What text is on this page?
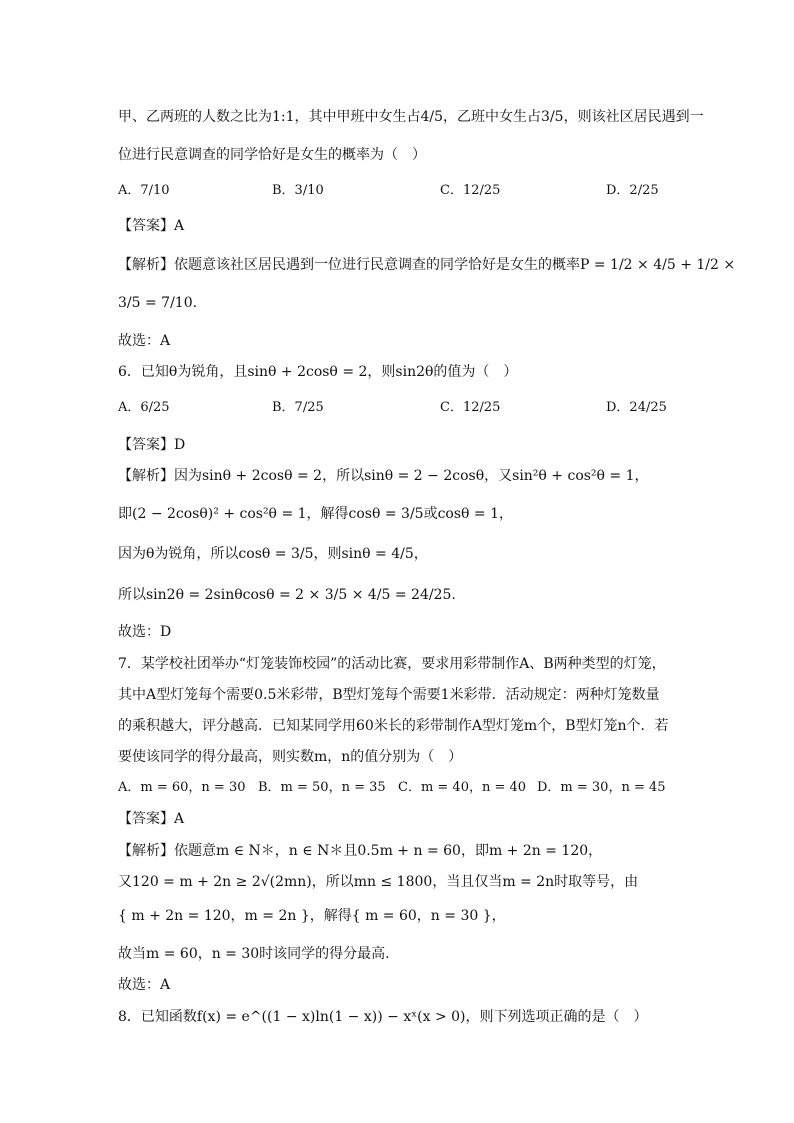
甲、乙两班的人数之比为1:1，其中甲班中女生占4/5，乙班中女生占3/5，则该社区居民遇到一
位进行民意调查的同学恰好是女生的概率为（　）
A．7/10	B．3/10	C．12/25	D．2/25
【答案】A
【解析】依题意该社区居民遇到一位进行民意调查的同学恰好是女生的概率P = 1/2 × 4/5 + 1/2 ×
3/5 = 7/10.
故选：A
6．已知θ为锐角，且sinθ + 2cosθ = 2，则sin2θ的值为（　）
A．6/25	B．7/25	C．12/25	D．24/25
【答案】D
【解析】因为sinθ + 2cosθ = 2，所以sinθ = 2 − 2cosθ，又sin²θ + cos²θ = 1，
即(2 − 2cosθ)² + cos²θ = 1，解得cosθ = 3/5或cosθ = 1，
因为θ为锐角，所以cosθ = 3/5，则sinθ = 4/5，
所以sin2θ = 2sinθcosθ = 2 × 3/5 × 4/5 = 24/25.
故选：D
7．某学校社团举办“灯笼装饰校园”的活动比赛，要求用彩带制作A、B两种类型的灯笼，
其中A型灯笼每个需要0.5米彩带，B型灯笼每个需要1米彩带．活动规定：两种灯笼数量
的乘积越大，评分越高．已知某同学用60米长的彩带制作A型灯笼m个，B型灯笼n个．若
要使该同学的得分最高，则实数m，n的值分别为（　）
A．m = 60，n = 30 B．m = 50，n = 35 C．m = 40，n = 40 D．m = 30，n = 45
【答案】A
【解析】依题意m ∈ N＊，n ∈ N＊且0.5m + n = 60，即m + 2n = 120，
又120 = m + 2n ≥ 2√(2mn)，所以mn ≤ 1800，当且仅当m = 2n时取等号，由
{ m + 2n = 120，m = 2n }，解得{ m = 60，n = 30 }，
故当m = 60，n = 30时该同学的得分最高.
故选：A
8．已知函数f(x) = e^((1 − x)ln(1 − x)) − xˣ(x > 0)，则下列选项正确的是（　）
